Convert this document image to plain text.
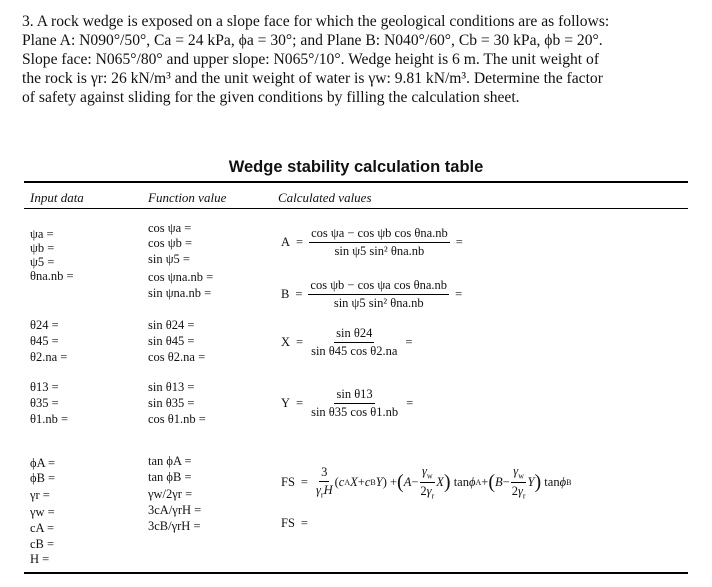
3. A rock wedge is exposed on a slope face for which the geological conditions are as follows:

Plane A: N090°/50°, Ca = 24 kPa, ϕa = 30°; and Plane B: N040°/60°, Cb = 30 kPa, ϕb = 20°.

Slope face: N065°/80° and upper slope: N065°/10°. Wedge height is 6 m. The unit weight of

the rock is γr: 26 kN/m³ and the unit weight of water is γw: 9.81 kN/m³. Determine the factor

of safety against sliding for the given conditions by filling the calculation sheet.

Wedge stability calculation table
Input data	Function value	Calculated values
ψa =
ψb =
ψ5 =
θna.nb =
θ24 =
θ45 =
θ2.na =
θ13 =
θ35 =
θ1.nb =
ϕA =
ϕB =
γr =
γw =
cA =
cB =
H =
cos ψa =
cos ψb =
sin ψ5 =
cos ψna.nb =
sin ψna.nb =
sin θ24 =
sin θ45 =
cos θ2.na =
sin θ13 =
sin θ35 =
cos θ1.nb =
tan ϕA =
tan ϕB =
γw/2γr =
3cA/γrH =
3cB/γrH =
$A = \frac{\text{cos ψa − cos ψb cos θna.nb}}{\text{sin ψ5 sin² θna.nb}}$ =
$B = \frac{\text{cos ψb − cos ψa cos θna.nb}}{\text{sin ψ5 sin² θna.nb}}$ =
$X = \frac{\text{sin θ24}}{\text{sin θ45 cos θ2.na}}$ =
$Y = \frac{\text{sin θ13}}{\text{sin θ35 cos θ1.nb}}$ =
FS = $\frac{3}{\gamma_rH}$ ( c A X + c B Y ) + ( $A - \frac{\gamma_w}{2\gamma_r}$ X ) tan ϕ A + ( $B - \frac{\gamma_w}{2\gamma_r}$ Y ) tan ϕ B
FS =
